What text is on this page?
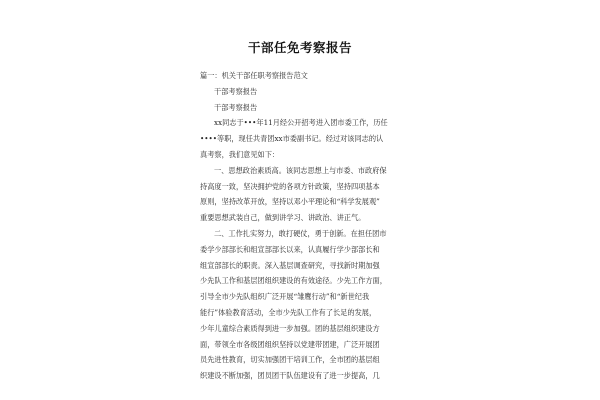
干部任免考察报告
篇一：机关干部任职考察报告范文
干部考察报告
干部考察报告
xx同志于•••年11月经公开招考进入团市委工作，历任
••••等职，现任共青团xx市委副书记。经过对该同志的认
真考察，我们意见如下：
一、思想政治素质高。该同志思想上与市委、市政府保
持高度一致，坚决拥护党的各项方针政策，坚持四项基本
原则，坚持改革开放，坚持以邓小平理论和“科学发展观”
重要思想武装自己，做到讲学习、讲政治、讲正气。
二、工作扎实努力，敢打硬仗，勇于创新。在担任团市
委学少部部长和组宣部部长以来，认真履行学少部部长和
组宣部部长的职责。深入基层调查研究，寻找新时期加强
少先队工作和基层团组织建设的有效途径。少先工作方面，
引导全市少先队组织广泛开展“雏鹰行动”和“新世纪我
能行”体验教育活动，全市少先队工作有了长足的发展，
少年儿童综合素质得到进一步加强。团的基层组织建设方
面，带领全市各级团组织坚持以党建带团建，广泛开展团
员先进性教育，切实加强团干培训工作，全市团的基层组
织建设不断加强，团员团干队伍建设有了进一步提高，几
